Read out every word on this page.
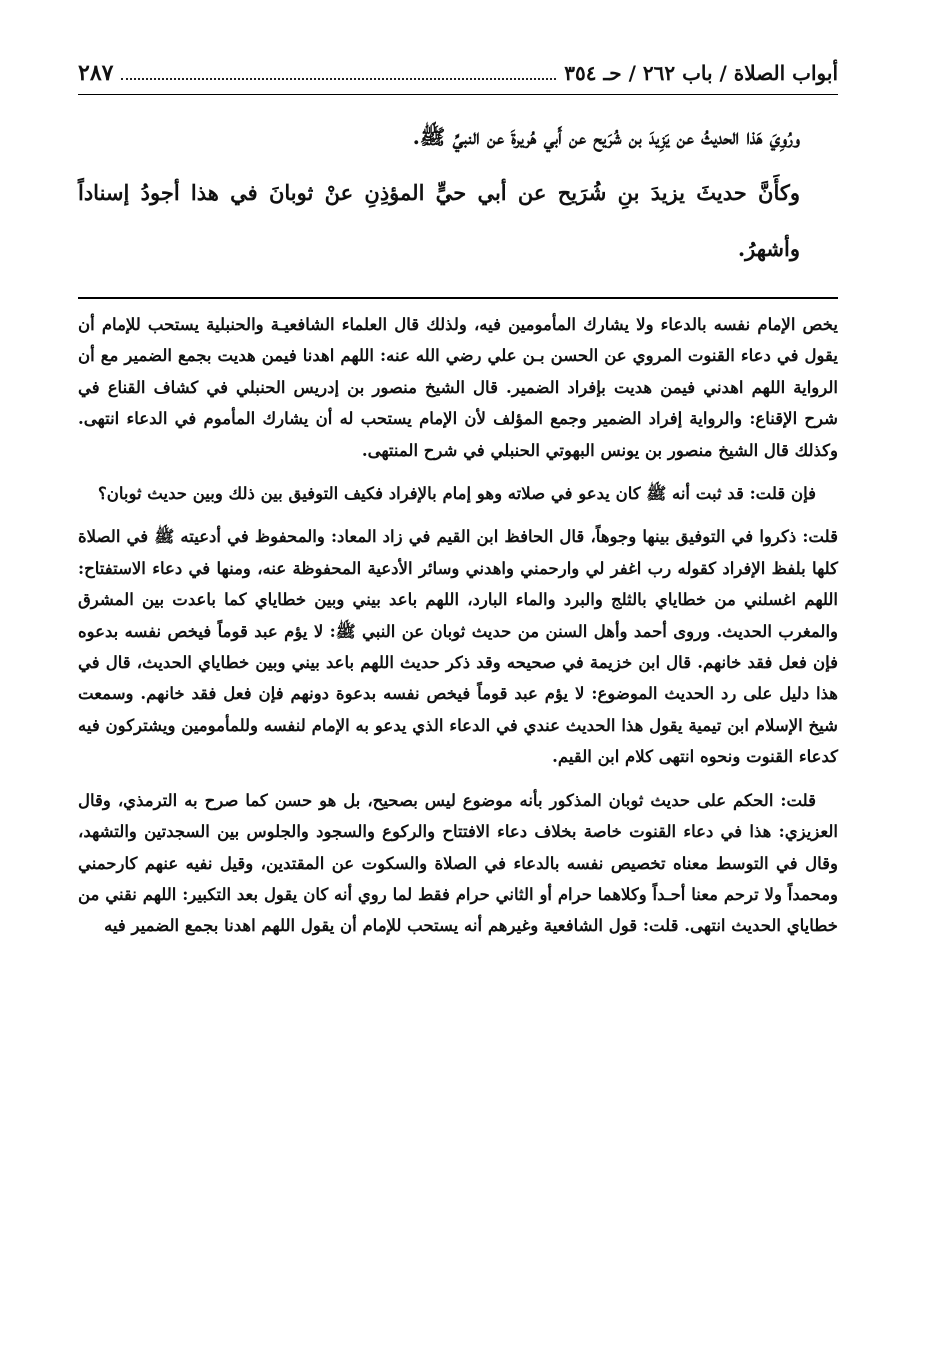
أبواب الصلاة / باب ٢٦٢ / حـ ٣٥٤
٢٨٧

ورُوِيَ هَذا الحديثُ عن يَزِيدَ بن شُرَيح عن أَبي هُريرةَ عن النبيِّ ﷺ.

وكأَنَّ حديثَ يزيدَ بنِ شُرَيح عن أبي حيٍّ المؤذِنِ عنْ ثوبانَ في هذا أجودُ إسناداً وأشهرُ.

يخص الإمام نفسه بالدعاء ولا يشارك المأمومين فيه، ولذلك قال العلماء الشافعيـة والحنبلية يستحب للإمام أن يقول في دعاء القنوت المروي عن الحسن بـن علي رضي الله عنه: اللهم اهدنا فيمن هديت بجمع الضمير مع أن الرواية اللهم اهدني فيمن هديت بإفراد الضمير. قال الشيخ منصور بن إدريس الحنبلي في كشاف القناع في شرح الإقناع: والرواية إفراد الضمير وجمع المؤلف لأن الإمام يستحب له أن يشارك المأموم في الدعاء انتهى. وكذلك قال الشيخ منصور بن يونس البهوتي الحنبلي في شرح المنتهى.

فإن قلت: قد ثبت أنه ﷺ كان يدعو في صلاته وهو إمام بالإفراد فكيف التوفيق بين ذلك وبين حديث ثوبان؟

قلت: ذكروا في التوفيق بينها وجوهاً، قال الحافظ ابن القيم في زاد المعاد: والمحفوظ في أدعيته ﷺ في الصلاة كلها بلفظ الإفراد كقوله رب اغفر لي وارحمني واهدني وسائر الأدعية المحفوظة عنه، ومنها في دعاء الاستفتاح: اللهم اغسلني من خطاياي بالثلج والبرد والماء البارد، اللهم باعد بيني وبين خطاياي كما باعدت بين المشرق والمغرب الحديث. وروى أحمد وأهل السنن من حديث ثوبان عن النبي ﷺ: لا يؤم عبد قوماً فيخص نفسه بدعوه فإن فعل فقد خانهم. قال ابن خزيمة في صحيحه وقد ذكر حديث اللهم باعد بيني وبين خطاياي الحديث، قال في هذا دليل على رد الحديث الموضوع: لا يؤم عبد قوماً فيخص نفسه بدعوة دونهم فإن فعل فقد خانهم. وسمعت شيخ الإسلام ابن تيمية يقول هذا الحديث عندي في الدعاء الذي يدعو به الإمام لنفسه وللمأمومين ويشتركون فيه كدعاء القنوت ونحوه انتهى كلام ابن القيم.

قلت: الحكم على حديث ثوبان المذكور بأنه موضوع ليس بصحيح، بل هو حسن كما صرح به الترمذي، وقال العزيزي: هذا في دعاء القنوت خاصة بخلاف دعاء الافتتاح والركوع والسجود والجلوس بين السجدتين والتشهد، وقال في التوسط معناه تخصيص نفسه بالدعاء في الصلاة والسكوت عن المقتدين، وقيل نفيه عنهم كارحمني ومحمداً ولا ترحم معنا أحـداً وكلاهما حرام أو الثاني حرام فقط لما روي أنه كان يقول بعد التكبير: اللهم نقني من خطاياي الحديث انتهى. قلت: قول الشافعية وغيرهم أنه يستحب للإمام أن يقول اللهم اهدنا بجمع الضمير فيه
